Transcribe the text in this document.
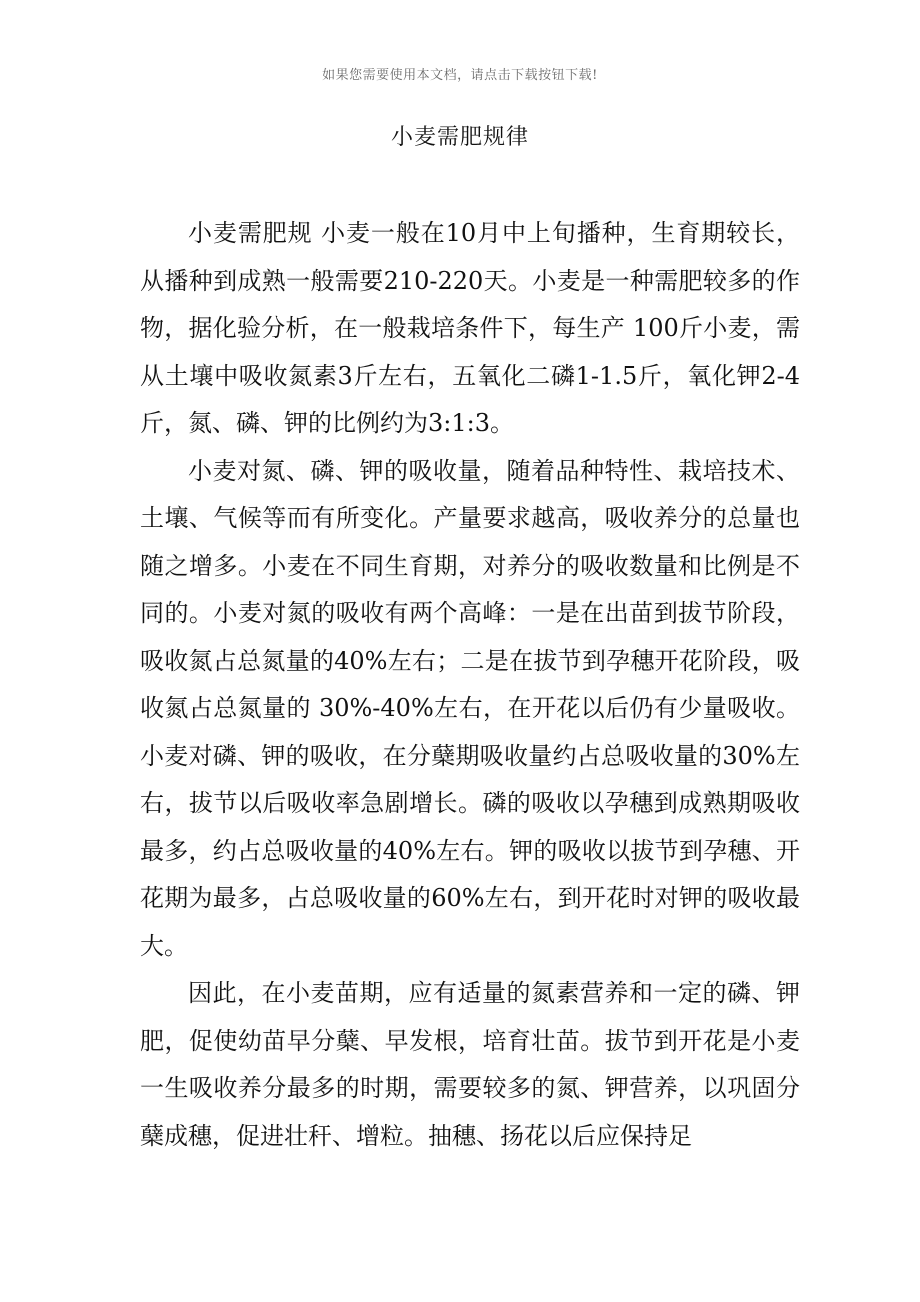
如果您需要使用本文档，请点击下载按钮下载!
小麦需肥规律

小麦需肥规 小麦一般在10月中上旬播种，生育期较长，从播种到成熟一般需要210-220天。小麦是一种需肥较多的作物，据化验分析，在一般栽培条件下，每生产 100斤小麦，需从土壤中吸收氮素3斤左右，五氧化二磷1-1.5斤，氧化钾2-4斤，氮、磷、钾的比例约为3:1:3。

小麦对氮、磷、钾的吸收量，随着品种特性、栽培技术、土壤、气候等而有所变化。产量要求越高，吸收养分的总量也随之增多。小麦在不同生育期，对养分的吸收数量和比例是不同的。小麦对氮的吸收有两个高峰：一是在出苗到拔节阶段，吸收氮占总氮量的40%左右；二是在拔节到孕穗开花阶段，吸收氮占总氮量的 30%-40%左右，在开花以后仍有少量吸收。小麦对磷、钾的吸收，在分蘖期吸收量约占总吸收量的30%左右，拔节以后吸收率急剧增长。磷的吸收以孕穗到成熟期吸收最多，约占总吸收量的40%左右。钾的吸收以拔节到孕穗、开花期为最多，占总吸收量的60%左右，到开花时对钾的吸收最大。

因此，在小麦苗期，应有适量的氮素营养和一定的磷、钾肥，促使幼苗早分蘖、早发根，培育壮苗。拔节到开花是小麦一生吸收养分最多的时期，需要较多的氮、钾营养，以巩固分蘖成穗，促进壮秆、增粒。抽穗、扬花以后应保持足
